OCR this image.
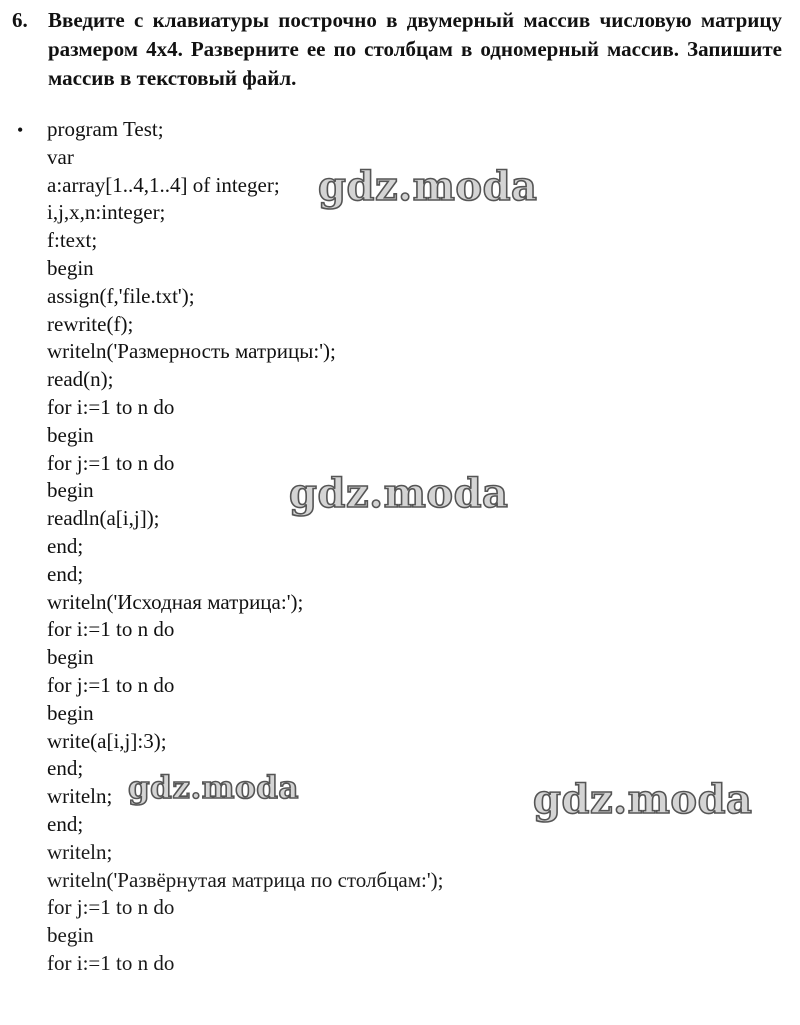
6. Введите с клавиатуры построчно в двумерный массив числовую матрицу размером 4x4. Разверните ее по столбцам в одномерный массив. Запишите массив в текстовый файл.
• program Test;
var
a:array[1..4,1..4] of integer;
i,j,x,n:integer;
f:text;
begin
assign(f,'file.txt');
rewrite(f);
writeln('Размерность матрицы:');
read(n);
for i:=1 to n do
begin
for j:=1 to n do
begin
readln(a[i,j]);
end;
end;
writeln('Исходная матрица:');
for i:=1 to n do
begin
for j:=1 to n do
begin
write(a[i,j]:3);
end;
writeln;
end;
writeln;
writeln('Развёрнутая матрица по столбцам:');
for j:=1 to n do
begin
for i:=1 to n do
gdz.moda
gdz.moda
gdz.moda	gdz.moda
